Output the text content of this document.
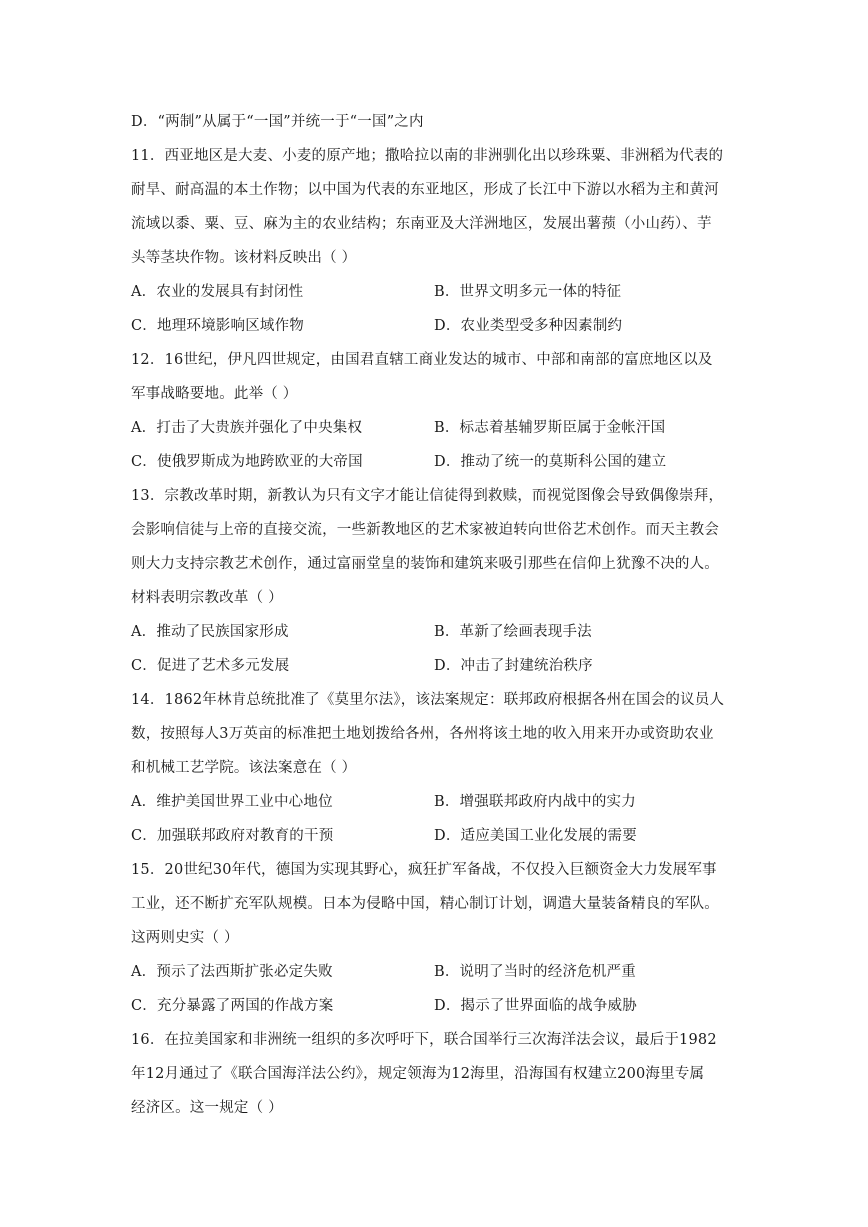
D．“两制”从属于“一国”并统一于“一国”之内
11．西亚地区是大麦、小麦的原产地；撒哈拉以南的非洲驯化出以珍珠粟、非洲稻为代表的
耐旱、耐高温的本土作物；以中国为代表的东亚地区，形成了长江中下游以水稻为主和黄河
流域以黍、粟、豆、麻为主的农业结构；东南亚及大洋洲地区，发展出薯蓣（小山药）、芋
头等茎块作物。该材料反映出（ ）
A．农业的发展具有封闭性	B．世界文明多元一体的特征
C．地理环境影响区域作物	D．农业类型受多种因素制约
12．16世纪，伊凡四世规定，由国君直辖工商业发达的城市、中部和南部的富庶地区以及
军事战略要地。此举（ ）
A．打击了大贵族并强化了中央集权	B．标志着基辅罗斯臣属于金帐汗国
C．使俄罗斯成为地跨欧亚的大帝国	D．推动了统一的莫斯科公国的建立
13．宗教改革时期，新教认为只有文字才能让信徒得到救赎，而视觉图像会导致偶像崇拜，
会影响信徒与上帝的直接交流，一些新教地区的艺术家被迫转向世俗艺术创作。而天主教会
则大力支持宗教艺术创作，通过富丽堂皇的装饰和建筑来吸引那些在信仰上犹豫不决的人。
材料表明宗教改革（ ）
A．推动了民族国家形成	B．革新了绘画表现手法
C．促进了艺术多元发展	D．冲击了封建统治秩序
14．1862年林肯总统批准了《莫里尔法》，该法案规定：联邦政府根据各州在国会的议员人
数，按照每人3万英亩的标准把土地划拨给各州，各州将该土地的收入用来开办或资助农业
和机械工艺学院。该法案意在（ ）
A．维护美国世界工业中心地位	B．增强联邦政府内战中的实力
C．加强联邦政府对教育的干预	D．适应美国工业化发展的需要
15．20世纪30年代，德国为实现其野心，疯狂扩军备战，不仅投入巨额资金大力发展军事
工业，还不断扩充军队规模。日本为侵略中国，精心制订计划，调遣大量装备精良的军队。
这两则史实（ ）
A．预示了法西斯扩张必定失败	B．说明了当时的经济危机严重
C．充分暴露了两国的作战方案	D．揭示了世界面临的战争威胁
16．在拉美国家和非洲统一组织的多次呼吁下，联合国举行三次海洋法会议，最后于1982
年12月通过了《联合国海洋法公约》，规定领海为12海里，沿海国有权建立200海里专属
经济区。这一规定（ ）
